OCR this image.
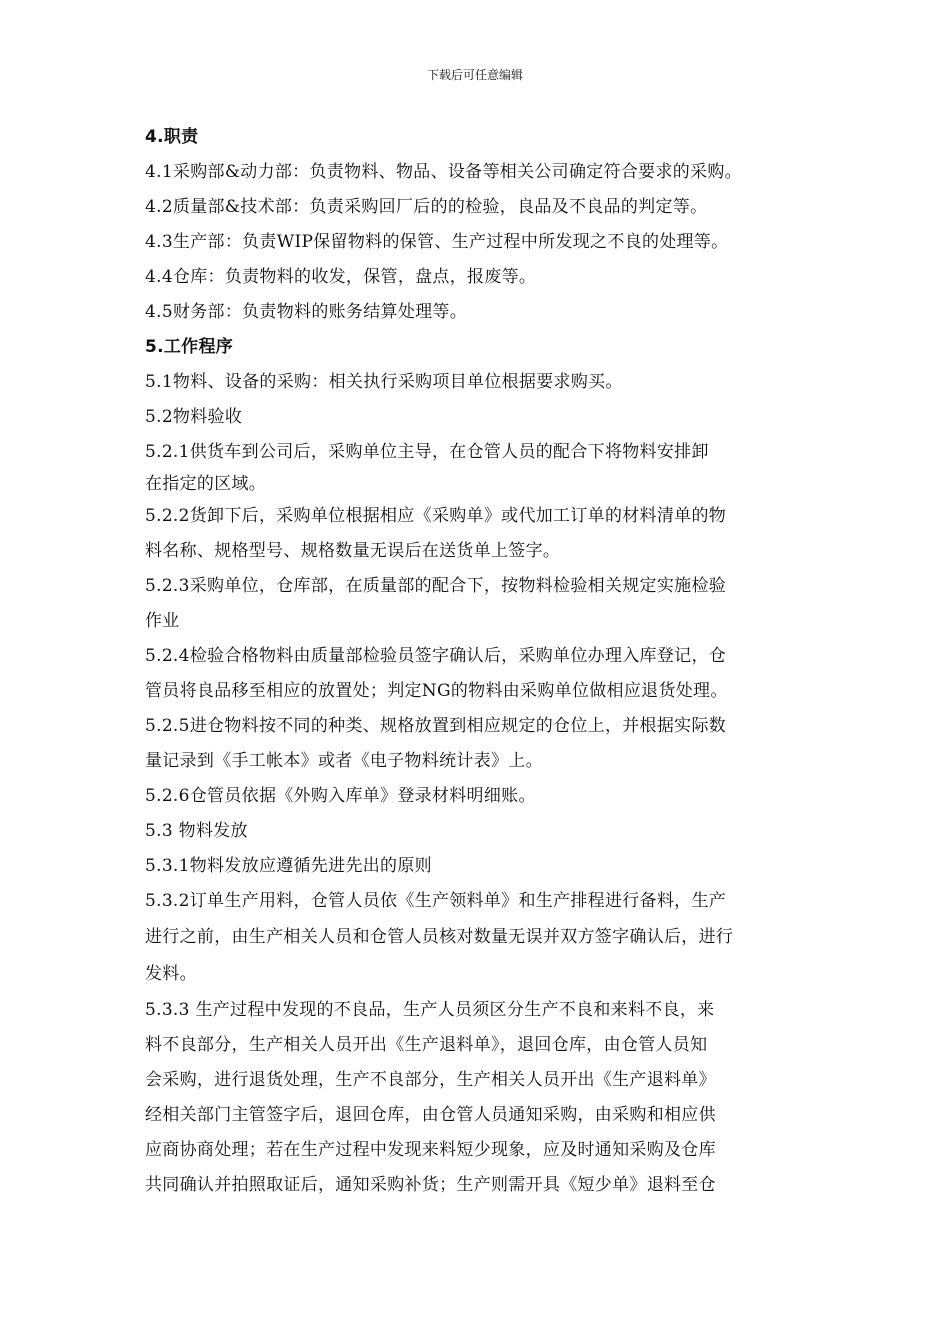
下载后可任意编辑
4.职责
4.1采购部&动力部：负责物料、物品、设备等相关公司确定符合要求的采购。
4.2质量部&技术部：负责采购回厂后的的检验，良品及不良品的判定等。
4.3生产部：负责WIP保留物料的保管、生产过程中所发现之不良的处理等。
4.4仓库：负责物料的收发，保管，盘点，报废等。
4.5财务部：负责物料的账务结算处理等。
5.工作程序
5.1物料、设备的采购：相关执行采购项目单位根据要求购买。
5.2物料验收
5.2.1供货车到公司后，采购单位主导，在仓管人员的配合下将物料安排卸
在指定的区域。
5.2.2货卸下后，采购单位根据相应《采购单》或代加工订单的材料清单的物
料名称、规格型号、规格数量无误后在送货单上签字。
5.2.3采购单位，仓库部，在质量部的配合下，按物料检验相关规定实施检验
作业
5.2.4检验合格物料由质量部检验员签字确认后，采购单位办理入库登记，仓
管员将良品移至相应的放置处；判定NG的物料由采购单位做相应退货处理。
5.2.5进仓物料按不同的种类、规格放置到相应规定的仓位上，并根据实际数
量记录到《手工帐本》或者《电子物料统计表》上。
5.2.6仓管员依据《外购入库单》登录材料明细账。
5.3 物料发放
5.3.1物料发放应遵循先进先出的原则
5.3.2订单生产用料，仓管人员依《生产领料单》和生产排程进行备料，生产
进行之前，由生产相关人员和仓管人员核对数量无误并双方签字确认后，进行
发料。
5.3.3 生产过程中发现的不良品，生产人员须区分生产不良和来料不良，来
料不良部分，生产相关人员开出《生产退料单》，退回仓库，由仓管人员知
会采购，进行退货处理，生产不良部分，生产相关人员开出《生产退料单》
经相关部门主管签字后，退回仓库，由仓管人员通知采购，由采购和相应供
应商协商处理；若在生产过程中发现来料短少现象，应及时通知采购及仓库
共同确认并拍照取证后，通知采购补货；生产则需开具《短少单》退料至仓
